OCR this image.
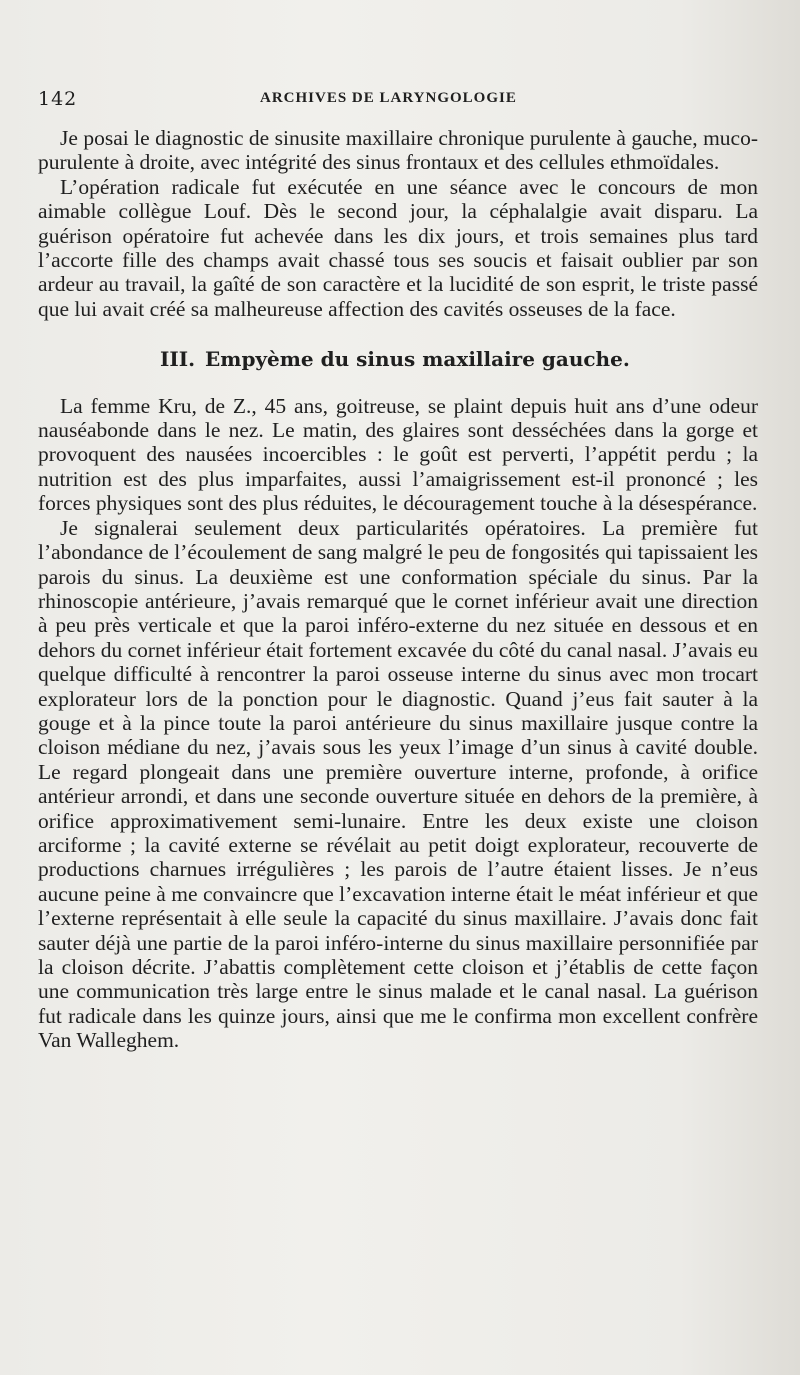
142	ARCHIVES DE LARYNGOLOGIE

Je posai le diagnostic de sinusite maxillaire chronique purulente à gauche, muco-purulente à droite, avec intégrité des sinus frontaux et des cellules ethmoïdales.

L’opération radicale fut exécutée en une séance avec le concours de mon aimable collègue Louf. Dès le second jour, la céphalalgie avait disparu. La guérison opératoire fut achevée dans les dix jours, et trois semaines plus tard l’accorte fille des champs avait chassé tous ses soucis et faisait oublier par son ardeur au travail, la gaîté de son caractère et la lucidité de son esprit, le triste passé que lui avait créé sa malheureuse affection des cavités osseuses de la face.

III. Empyème du sinus maxillaire gauche.

La femme Kru, de Z., 45 ans, goitreuse, se plaint depuis huit ans d’une odeur nauséabonde dans le nez. Le matin, des glaires sont desséchées dans la gorge et provoquent des nausées incoercibles : le goût est perverti, l’appétit perdu ; la nutrition est des plus imparfaites, aussi l’amaigrissement est-il prononcé ; les forces physiques sont des plus réduites, le découragement touche à la désespérance.

Je signalerai seulement deux particularités opératoires. La première fut l’abondance de l’écoulement de sang malgré le peu de fongosités qui tapissaient les parois du sinus. La deuxième est une conformation spéciale du sinus. Par la rhinoscopie antérieure, j’avais remarqué que le cornet inférieur avait une direction à peu près verticale et que la paroi inféro-externe du nez située en dessous et en dehors du cornet inférieur était fortement excavée du côté du canal nasal. J’avais eu quelque difficulté à rencontrer la paroi osseuse interne du sinus avec mon trocart explorateur lors de la ponction pour le diagnostic. Quand j’eus fait sauter à la gouge et à la pince toute la paroi antérieure du sinus maxillaire jusque contre la cloison médiane du nez, j’avais sous les yeux l’image d’un sinus à cavité double. Le regard plongeait dans une première ouverture interne, profonde, à orifice antérieur arrondi, et dans une seconde ouverture située en dehors de la première, à orifice approximativement semi-lunaire. Entre les deux existe une cloison arciforme ; la cavité externe se révélait au petit doigt explorateur, recouverte de productions charnues irrégulières ; les parois de l’autre étaient lisses. Je n’eus aucune peine à me convaincre que l’excavation interne était le méat inférieur et que l’externe représentait à elle seule la capacité du sinus maxillaire. J’avais donc fait sauter déjà une partie de la paroi inféro-interne du sinus maxillaire personnifiée par la cloison décrite. J’abattis complètement cette cloison et j’établis de cette façon une communication très large entre le sinus malade et le canal nasal. La guérison fut radicale dans les quinze jours, ainsi que me le confirma mon excellent confrère Van Walleghem.
